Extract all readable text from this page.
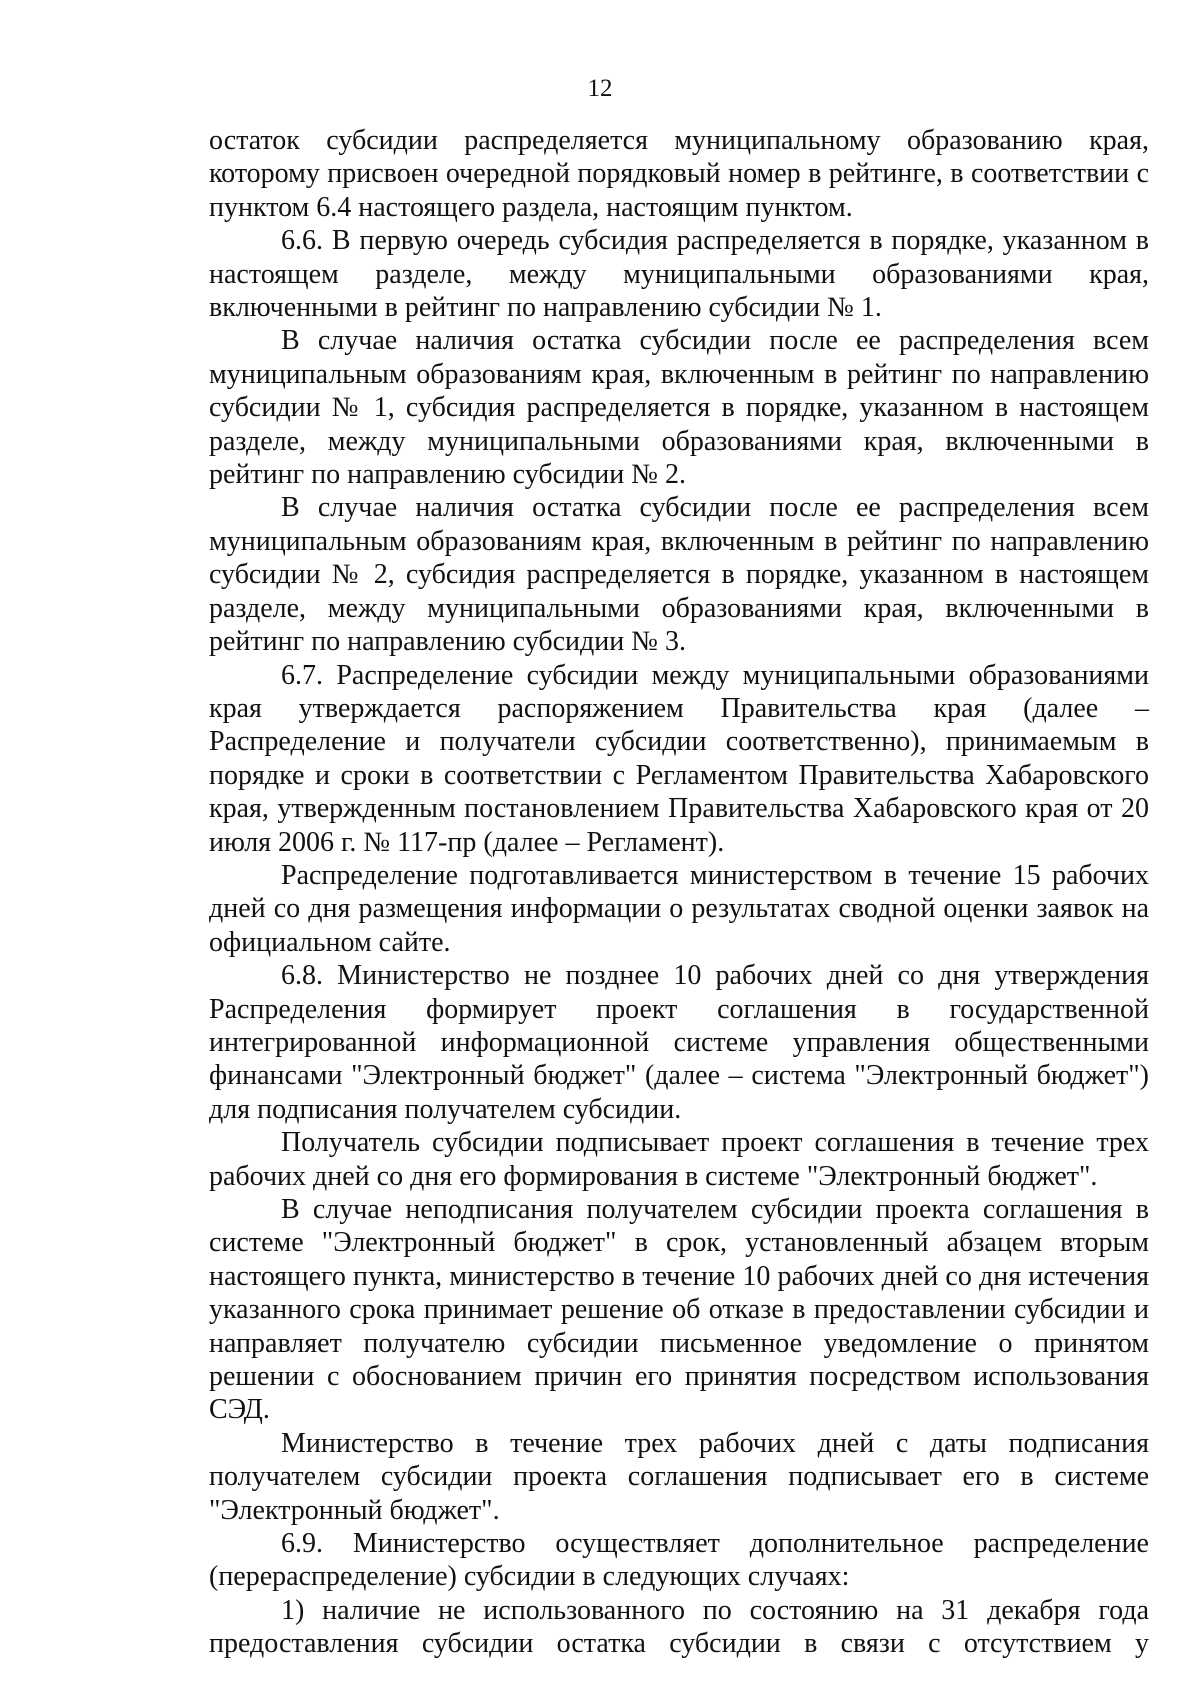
12

остаток субсидии распределяется муниципальному образованию края, которому присвоен очередной порядковый номер в рейтинге, в соответствии с пунктом 6.4 настоящего раздела, настоящим пунктом.

6.6. В первую очередь субсидия распределяется в порядке, указанном в настоящем разделе, между муниципальными образованиями края, включенными в рейтинг по направлению субсидии № 1.

В случае наличия остатка субсидии после ее распределения всем муниципальным образованиям края, включенным в рейтинг по направлению субсидии № 1, субсидия распределяется в порядке, указанном в настоящем разделе, между муниципальными образованиями края, включенными в рейтинг по направлению субсидии № 2.

В случае наличия остатка субсидии после ее распределения всем муниципальным образованиям края, включенным в рейтинг по направлению субсидии № 2, субсидия распределяется в порядке, указанном в настоящем разделе, между муниципальными образованиями края, включенными в рейтинг по направлению субсидии № 3.

6.7. Распределение субсидии между муниципальными образованиями края утверждается распоряжением Правительства края (далее – Распределение и получатели субсидии соответственно), принимаемым в порядке и сроки в соответствии с Регламентом Правительства Хабаровского края, утвержденным постановлением Правительства Хабаровского края от 20 июля 2006 г. № 117-пр (далее – Регламент).

Распределение подготавливается министерством в течение 15 рабочих дней со дня размещения информации о результатах сводной оценки заявок на официальном сайте.

6.8. Министерство не позднее 10 рабочих дней со дня утверждения Распределения формирует проект соглашения в государственной интегрированной информационной системе управления общественными финансами "Электронный бюджет" (далее – система "Электронный бюджет") для подписания получателем субсидии.

Получатель субсидии подписывает проект соглашения в течение трех рабочих дней со дня его формирования в системе "Электронный бюджет".

В случае неподписания получателем субсидии проекта соглашения в системе "Электронный бюджет" в срок, установленный абзацем вторым настоящего пункта, министерство в течение 10 рабочих дней со дня истечения указанного срока принимает решение об отказе в предоставлении субсидии и направляет получателю субсидии письменное уведомление о принятом решении с обоснованием причин его принятия посредством использования СЭД.

Министерство в течение трех рабочих дней с даты подписания получателем субсидии проекта соглашения подписывает его в системе "Электронный бюджет".

6.9. Министерство осуществляет дополнительное распределение (перераспределение) субсидии в следующих случаях:

1) наличие не использованного по состоянию на 31 декабря года предоставления субсидии остатка субсидии в связи с отсутствием у
